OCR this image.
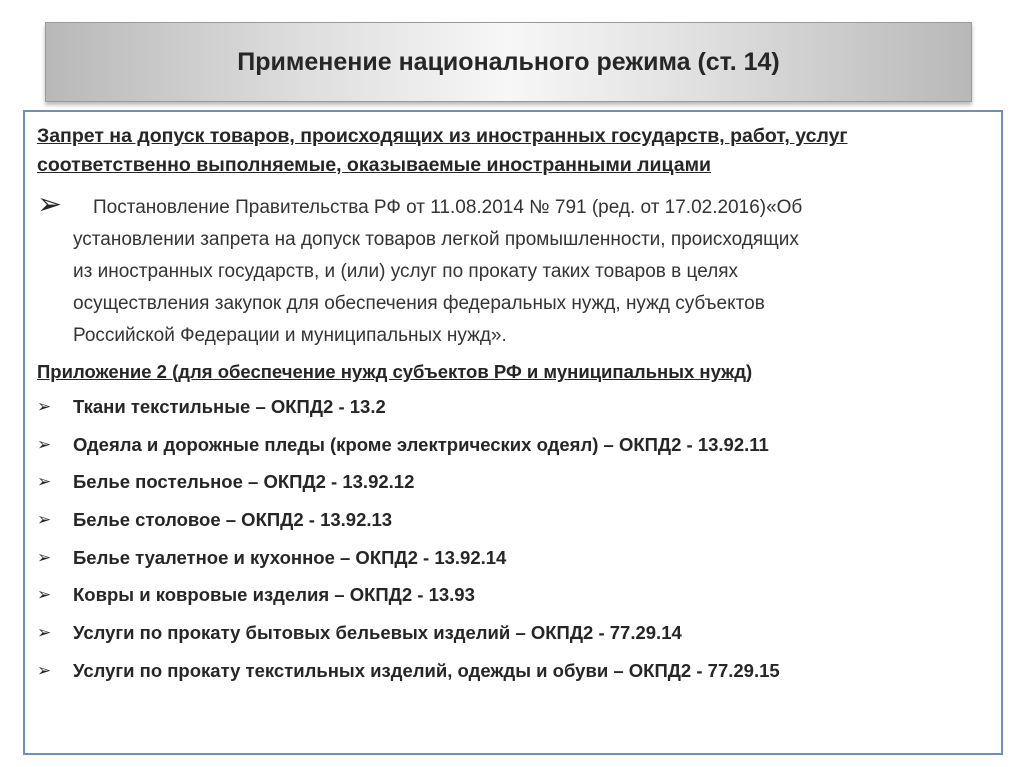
Применение национального режима (ст. 14)

Запрет на допуск товаров, происходящих из иностранных государств, работ, услуг соответственно выполняемые, оказываемые иностранными лицами

➢	Постановление Правительства РФ от 11.08.2014 № 791 (ред. от 17.02.2016)«Об
установлении запрета на допуск товаров легкой промышленности, происходящих
из иностранных государств, и (или) услуг по прокату таких товаров в целях
осуществления закупок для обеспечения федеральных нужд, нужд субъектов
Российской Федерации и муниципальных нужд».
Приложение 2 (для обеспечение нужд субъектов РФ и муниципальных нужд)
➢	Ткани текстильные – ОКПД2 - 13.2
➢	Одеяла и дорожные пледы (кроме электрических одеял) – ОКПД2 - 13.92.11
➢	Белье постельное – ОКПД2 - 13.92.12
➢	Белье столовое – ОКПД2 - 13.92.13
➢	Белье туалетное и кухонное – ОКПД2 - 13.92.14
➢	Ковры и ковровые изделия – ОКПД2 - 13.93
➢	Услуги по прокату бытовых бельевых изделий – ОКПД2 - 77.29.14
➢	Услуги по прокату текстильных изделий, одежды и обуви – ОКПД2 - 77.29.15
